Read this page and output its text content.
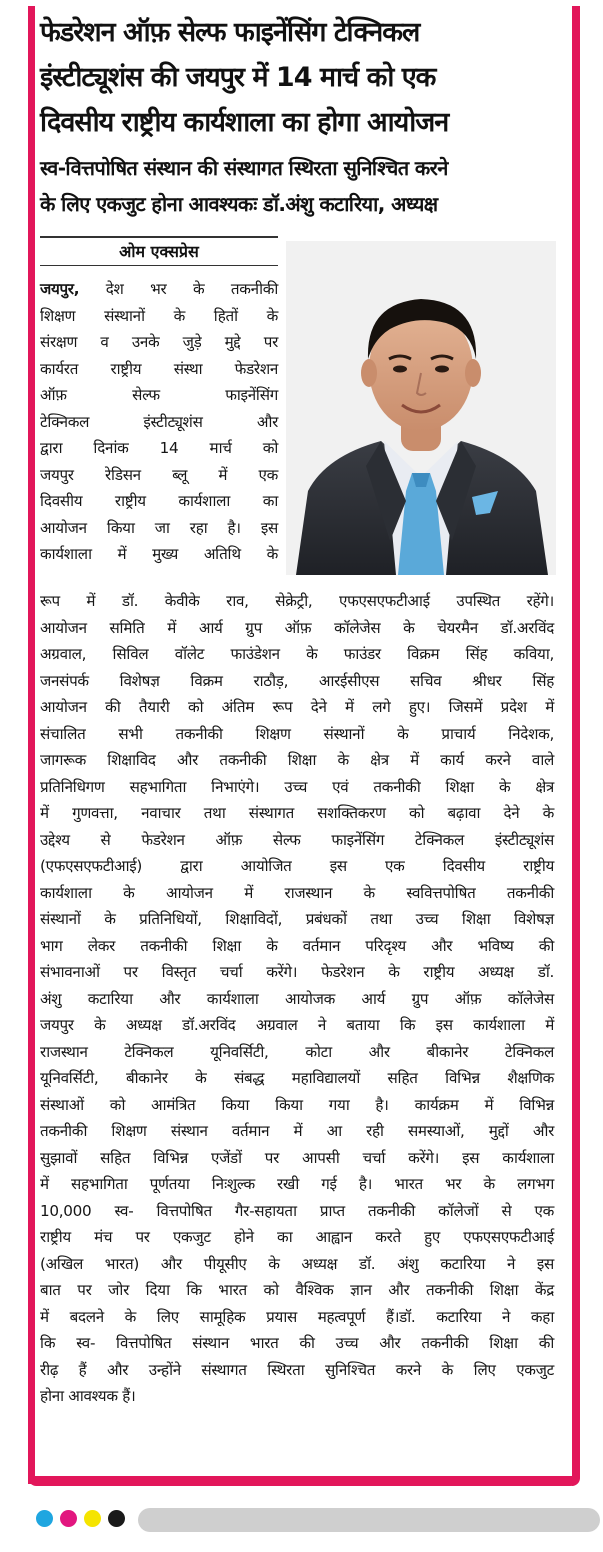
फेडरेशन ऑफ़ सेल्फ फाइनेंसिंग टेक्निकल
इंस्टीट्यूशंस की जयपुर में 14 मार्च को एक
दिवसीय राष्ट्रीय कार्यशाला का होगा आयोजन
स्व-वित्तपोषित संस्थान की संस्थागत स्थिरता सुनिश्चित करने
के लिए एकजुट होना आवश्यकः डॉ.अंशु कटारिया, अध्यक्ष
ओम एक्सप्रेस
जयपुर, देश भर के तकनीकी
शिक्षण संस्थानों के हितों के
संरक्षण व उनके जुड़े मुद्दे पर
कार्यरत राष्ट्रीय संस्था फेडरेशन
ऑफ़ सेल्फ फाइनेंसिंग
टेक्निकल इंस्टीट्यूशंस और
द्वारा दिनांक 14 मार्च को
जयपुर रेडिसन ब्लू में एक
दिवसीय राष्ट्रीय कार्यशाला का
आयोजन किया जा रहा है। इस
कार्यशाला में मुख्य अतिथि के
रूप में डॉ. केवीके राव, सेक्रेट्री, एफएसएफटीआई उपस्थित रहेंगे।
आयोजन समिति में आर्य ग्रुप ऑफ़ कॉलेजेस के चेयरमैन डॉ.अरविंद
अग्रवाल, सिविल वॉलेट फाउंडेशन के फाउंडर विक्रम सिंह कविया,
जनसंपर्क विशेषज्ञ विक्रम राठौड़, आरईसीएस सचिव श्रीधर सिंह
आयोजन की तैयारी को अंतिम रूप देने में लगे हुए। जिसमें प्रदेश में
संचालित सभी तकनीकी शिक्षण संस्थानों के प्राचार्य निदेशक,
जागरूक शिक्षाविद और तकनीकी शिक्षा के क्षेत्र में कार्य करने वाले
प्रतिनिधिगण सहभागिता निभाएंगे। उच्च एवं तकनीकी शिक्षा के क्षेत्र
में गुणवत्ता, नवाचार तथा संस्थागत सशक्तिकरण को बढ़ावा देने के
उद्देश्य से फेडरेशन ऑफ़ सेल्फ फाइनेंसिंग टेक्निकल इंस्टीट्यूशंस
(एफएसएफटीआई) द्वारा आयोजित इस एक दिवसीय राष्ट्रीय
कार्यशाला के आयोजन में राजस्थान के स्ववित्तपोषित तकनीकी
संस्थानों के प्रतिनिधियों, शिक्षाविदों, प्रबंधकों तथा उच्च शिक्षा विशेषज्ञ
भाग लेकर तकनीकी शिक्षा के वर्तमान परिदृश्य और भविष्य की
संभावनाओं पर विस्तृत चर्चा करेंगे। फेडरेशन के राष्ट्रीय अध्यक्ष डॉ.
अंशु कटारिया और कार्यशाला आयोजक आर्य ग्रुप ऑफ़ कॉलेजेस
जयपुर के अध्यक्ष डॉ.अरविंद अग्रवाल ने बताया कि इस कार्यशाला में
राजस्थान टेक्निकल यूनिवर्सिटी, कोटा और बीकानेर टेक्निकल
यूनिवर्सिटी, बीकानेर के संबद्ध महाविद्यालयों सहित विभिन्न शैक्षणिक
संस्थाओं को आमंत्रित किया किया गया है। कार्यक्रम में विभिन्न
तकनीकी शिक्षण संस्थान वर्तमान में आ रही समस्याओं, मुद्दों और
सुझावों सहित विभिन्न एजेंडों पर आपसी चर्चा करेंगे। इस कार्यशाला
में सहभागिता पूर्णतया निःशुल्क रखी गई है। भारत भर के लगभग
10,000 स्व- वित्तपोषित गैर-सहायता प्राप्त तकनीकी कॉलेजों से एक
राष्ट्रीय मंच पर एकजुट होने का आह्वान करते हुए एफएसएफटीआई
(अखिल भारत) और पीयूसीए के अध्यक्ष डॉ. अंशु कटारिया ने इस
बात पर जोर दिया कि भारत को वैश्विक ज्ञान और तकनीकी शिक्षा केंद्र
में बदलने के लिए सामूहिक प्रयास महत्वपूर्ण हैं।डॉ. कटारिया ने कहा
कि स्व- वित्तपोषित संस्थान भारत की उच्च और तकनीकी शिक्षा की
रीढ़ हैं और उन्होंने संस्थागत स्थिरता सुनिश्चित करने के लिए एकजुट
होना आवश्यक हैं।
